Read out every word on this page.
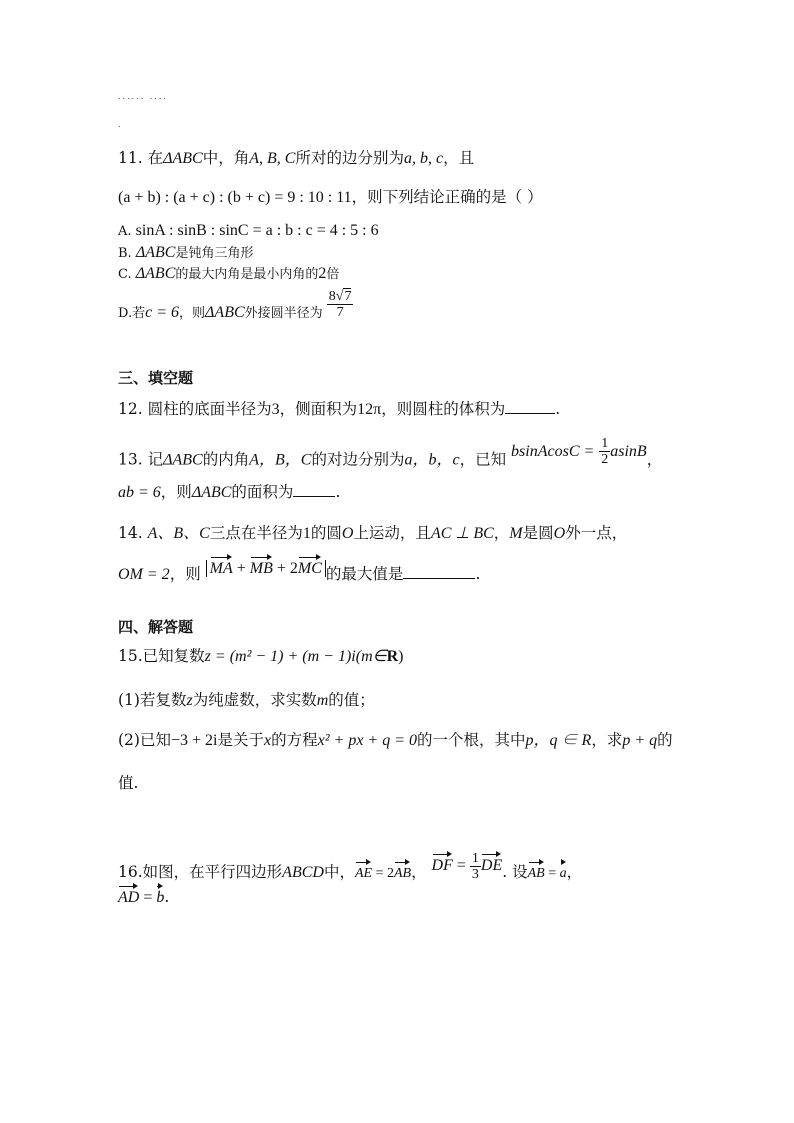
...... ....
.
11. 在ΔABC中，角A, B, C所对的边分别为a, b, c，且
(a + b) : (a + c) : (b + c) = 9 : 10 : 11，则下列结论正确的是（ ）
A. sinA : sinB : sinC = a : b : c = 4 : 5 : 6
B. ΔABC是钝角三角形
C. ΔABC的最大内角是最小内角的2倍
D.若c = 6，则ΔABC外接圆半径为 $\frac{8√7}{7}$
三、填空题
12. 圆柱的底面半径为3，侧面积为12π，则圆柱的体积为	.
13. 记ΔABC的内角A，B，C的对边分别为a，b，c，已知 bsinAcosC = $\frac{1}{2}$ asinB，
ab = 6，则ΔABC的面积为	.
14. A、B、C三点在半径为1的圆O上运动，且AC ⊥ BC，M是圆O外一点，
OM = 2，则 MA + MB + 2MC 的最大值是	.
四、解答题
15.已知复数z = (m² − 1) + (m − 1)i(m∈R)
(1)若复数z为纯虚数，求实数m的值；
(2)已知−3 + 2i是关于x的方程x² + px + q = 0的一个根，其中p，q ∈ R，求p + q的
值.
16.如图，在平行四边形ABCD中，AE = 2AB， DF = $\frac{1}{3}$ DE. 设AB = a，
AD = b.
